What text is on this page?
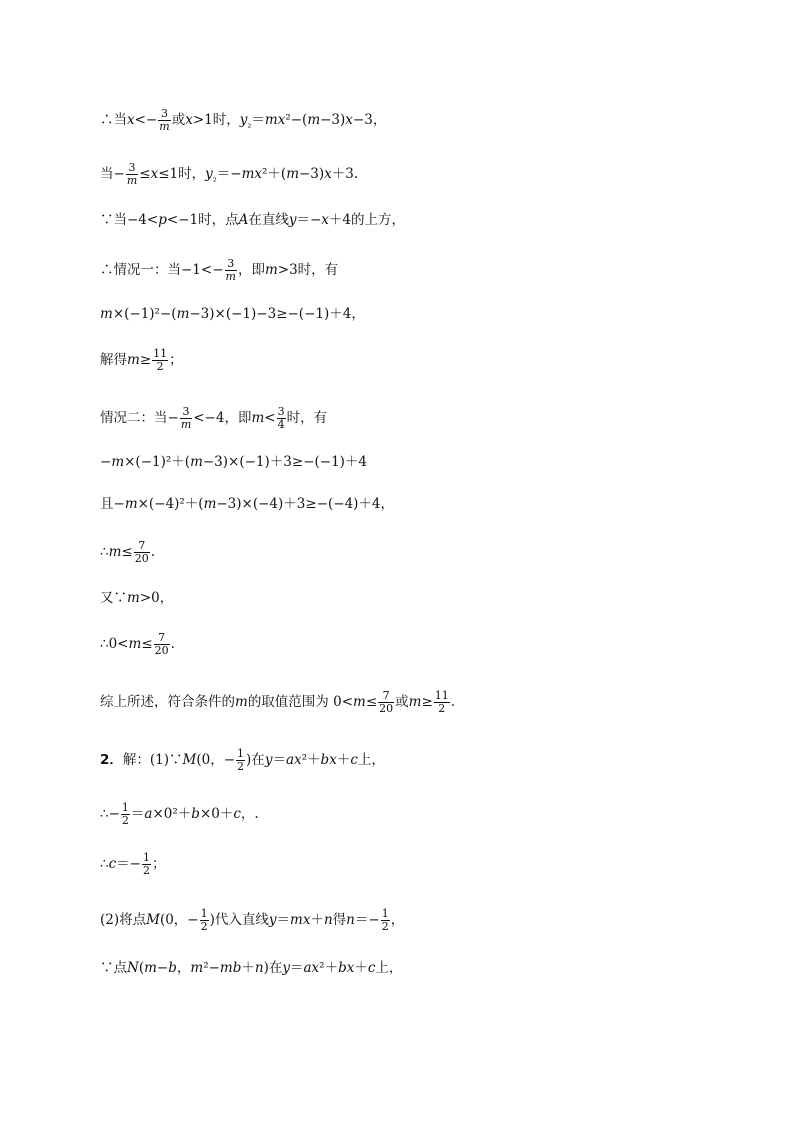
∴当$x<- \frac{3}{m}$ 或x>1时，$y_{_2}=mx^2-(m-3)x-3$，
当− $\frac{3}{m} \le x\le 1$时，$y_{_2}=-mx^2+(m-3)x+3$.
∵当−4<p<−1时，点A在直线y＝−x＋4的上方，
∴情况一：当$-1<- \frac{3}{m}$ ，即m>3时，有
m×(−1)²−(m−3)×(−1)−3≥−(−1)＋4，
解得$m\ge \frac{11}{2}$ ；
情况二：当− $\frac{3}{m} <-4$，即$m< \frac{3}{4}$ 时，有
−m×(−1)²＋(m−3)×(−1)＋3≥−(−1)＋4
且−m×(−4)²＋(m−3)×(−4)＋3≥−(−4)＋4，
∴m≤ $\frac{7}{20}$ .
又∵m>0，
∴0<m≤ $\frac{7}{20}$ .
综上所述，符合条件的m的取值范围为 $0<m\le \frac{7}{20}$ 或$m\ge \frac{11}{2}$ .
2．解：(1)∵M(0，− $\frac{1}{2}$ )在y＝ax²＋bx＋c上，
∴− $\frac{1}{2} =a\times 0^2+b\times 0+c$，.
∴c＝− $\frac{1}{2}$ ；
(2)将点M(0，− $\frac{1}{2}$ )代入直线y＝mx＋n得$n=- \frac{1}{2}$ ，
∵点N(m−b，m²−mb＋n)在y＝ax²＋bx＋c上，
